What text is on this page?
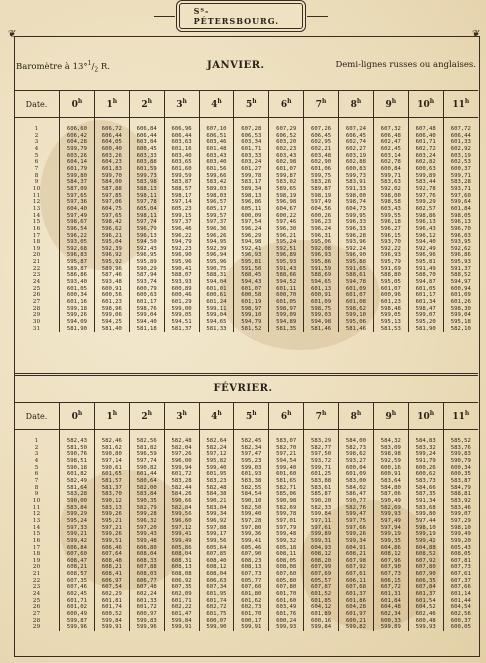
Sᵀ-PÉTERSBOURG.
❦	❦
Baromètre à $13^\circ^1/_2$ R.	JANVIER.	Demi-lignes russes ou anglaises.
Date.	0$^h$	1$^h$	2$^h$	3$^h$	4$^h$	5$^h$	6$^h$	7$^h$	8$^h$	9$^h$	10$^h$	11$^h$

1	606,60	606,72	606,84	606,96	607,10	607,28	607,29	607,26	607,24	607,32	607,48	607,72
2	606,42	606,44	606,44	606,44	606,51	606,53	606,52	606,45	606,45	606,48	606,40	606,44
3	604,28	604,05	603,84	603,63	603,46	603,34	603,20	602,95	602,74	602,47	601,71	601,33
4	599,79	600,40	600,45	601,16	601,48	601,71	602,23	602,21	602,27	602,45	602,72	602,92
5	603,26	603,26	603,33	603,40	603,43	603,33	603,43	603,48	603,19	603,14	603,24	603,19
6	604,14	604,23	603,88	603,65	603,40	603,24	602,98	602,90	602,88	602,78	602,82	602,53
7	601,79	601,83	601,59	601,60	601,56	601,27	601,07	601,06	600,83	600,84	600,63	600,37
8	599,80	599,70	599,73	599,59	599,66	599,78	599,87	599,75	599,73	599,71	599,89	599,71
9	584,37	584,00	583,98	583,87	583,42	583,17	583,02	583,26	583,91	583,63	583,44	583,28
10	587,09	587,88	588,13	588,57	589,03	589,34	589,65	589,87	591,33	592,02	592,78	593,71
11	597,65	597,85	598,11	598,17	598,03	598,13	598,19	598,19	598,00	598,00	597,76	597,60
12	597,36	597,06	597,78	597,14	596,57	596,86	596,98	597,49	598,74	598,58	599,29	599,64
13	604,40	604,75	605,04	605,23	605,17	605,11	604,67	604,56	604,73	603,43	602,57	601,84
14	597,49	597,65	598,11	599,15	599,57	600,09	600,22	600,26	599,95	599,55	598,86	598,05
15	598,67	598,42	597,74	597,37	597,37	597,54	597,46	596,23	596,33	596,18	596,13	596,13
16	596,54	596,62	596,79	596,46	596,36	596,24	596,30	596,24	596,33	596,27	596,43	596,70
17	596,22	596,21	596,13	596,22	596,26	596,29	596,21	596,31	596,28	596,15	596,12	596,03
18	593,05	595,04	594,50	594,79	594,95	594,98	595,24	595,06	593,96	593,70	594,40	593,95
19	592,68	592,39	592,43	592,23	592,39	592,41	592,51	592,08	592,24	592,22	592,49	592,62
20	596,83	596,92	596,95	596,90	596,94	596,93	596,89	596,93	596,90	596,93	596,96	596,86
21	595,87	595,92	595,89	595,96	595,96	595,81	595,93	595,86	595,88	595,79	595,81	595,93
22	589,87	589,96	590,29	590,41	590,75	591,50	591,43	591,59	591,65	591,69	591,49	591,37
23	586,86	587,46	587,94	588,07	588,31	588,45	588,66	588,69	588,61	588,80	588,70	588,52
24	593,40	593,48	593,74	593,93	594,04	594,43	594,52	594,65	594,78	595,05	594,87	594,97
25	601,05	600,91	600,79	600,89	601,01	601,07	601,11	601,13	601,09	601,07	601,05	600,94
26	600,34	600,56	600,63	600,46	600,61	600,58	600,70	600,91	601,07	600,96	601,17	601,09
27	601,16	601,23	601,17	601,29	601,24	601,19	601,05	601,09	601,08	601,23	601,34	601,26
28	599,18	598,96	598,76	599,00	599,11	598,97	598,97	598,75	598,62	598,48	598,47	598,30
29	599,26	599,06	599,04	599,05	599,04	599,10	599,09	599,03	599,10	599,05	599,07	599,04
30	594,09	594,25	594,40	594,51	594,65	594,79	594,89	594,98	595,06	595,13	595,20	595,18
31	581,90	581,40	581,18	581,37	581,33	581,52	581,35	581,46	581,46	581,53	581,90	582,10
FÉVRIER.
Date.	0$^h$	1$^h$	2$^h$	3$^h$	4$^h$	5$^h$	6$^h$	7$^h$	8$^h$	9$^h$	10$^h$	11$^h$

1	582,43	582,46	582,56	582,48	582,64	582,45	583,07	583,29	584,00	584,32	584,83	585,52
2	581,50	581,62	581,82	582,04	582,24	582,34	582,70	582,77	582,73	583,09	583,32	583,76
3	590,76	590,80	596,59	597,26	597,12	597,47	597,21	597,50	598,62	598,98	599,24	599,83
4	598,51	597,14	597,74	596,00	595,82	595,23	594,54	593,72	593,27	592,59	591,79	590,79
5	590,18	590,61	590,82	599,94	599,40	599,03	599,40	599,71	600,04	600,16	600,26	600,34
6	601,82	601,65	601,44	601,72	601,95	601,93	601,60	601,25	601,09	600,91	600,62	600,35
7	582,49	581,57	580,64	583,28	583,23	583,38	581,65	583,88	583,00	583,64	583,73	583,87
8	581,64	581,37	582,00	582,44	582,48	582,55	582,71	583,61	584,02	584,80	584,66	584,79
9	583,28	583,70	583,84	584,26	584,38	584,54	585,06	585,87	586,47	587,06	587,35	588,81
10	590,00	590,12	590,35	590,66	590,21	590,10	590,98	590,20	590,77	590,49	591,34	583,92
11	583,84	583,13	582,79	582,84	583,04	582,50	582,69	582,33	582,76	582,69	583,68	583,46
12	599,29	599,26	599,28	599,56	599,34	599,40	599,78	599,84	599,47	599,93	599,80	599,07
13	595,24	595,21	596,32	596,60	596,92	597,28	597,01	597,11	597,75	597,49	597,44	597,29
14	597,33	597,21	597,20	597,12	597,88	597,80	597,79	597,61	597,66	597,94	598,10	598,10
15	599,21	599,26	599,43	599,41	599,17	599,36	599,48	599,89	599,26	599,19	599,19	599,49
16	599,42	599,51	599,48	599,49	599,56	599,41	599,32	599,31	599,34	599,35	599,42	599,20
17	606,84	606,46	606,80	605,86	605,64	605,46	605,18	604,93	604,91	604,86	604,88	605,43
18	607,60	607,64	608,04	608,04	607,85	607,90	608,11	608,12	608,21	608,12	608,52	608,05
19	608,47	608,48	608,33	608,31	608,40	608,23	608,05	608,20	607,98	607,96	607,92	607,81
20	608,21	608,21	607,88	608,13	608,12	608,13	608,08	607,99	607,92	607,90	607,80	607,73
21	608,57	608,41	608,03	608,08	608,04	607,73	607,60	607,69	607,61	607,73	607,90	607,61
22	607,35	606,97	606,77	606,92	606,63	605,77	605,80	605,57	606,11	606,15	606,35	607,37
23	607,46	607,54	607,48	607,35	607,34	607,60	607,80	607,87	607,68	607,72	607,84	607,66
24	602,45	602,29	602,24	602,09	601,95	601,80	601,70	601,52	601,37	601,31	601,37	601,14
25	601,71	601,81	601,33	601,71	601,74	601,62	601,60	601,85	601,86	601,84	601,54	601,44
26	601,02	601,74	601,72	602,22	602,72	602,73	603,49	604,12	604,28	604,48	604,52	604,54
27	600,49	600,52	600,97	601,47	601,75	601,70	601,76	601,89	601,97	602,34	602,46	602,56
28	599,87	599,84	599,83	599,84	600,07	600,17	600,24	600,16	600,21	600,33	600,48	600,37
29	599,96	599,91	599,96	599,91	599,90	599,91	599,93	599,84	599,82	599,89	599,93	600,05
